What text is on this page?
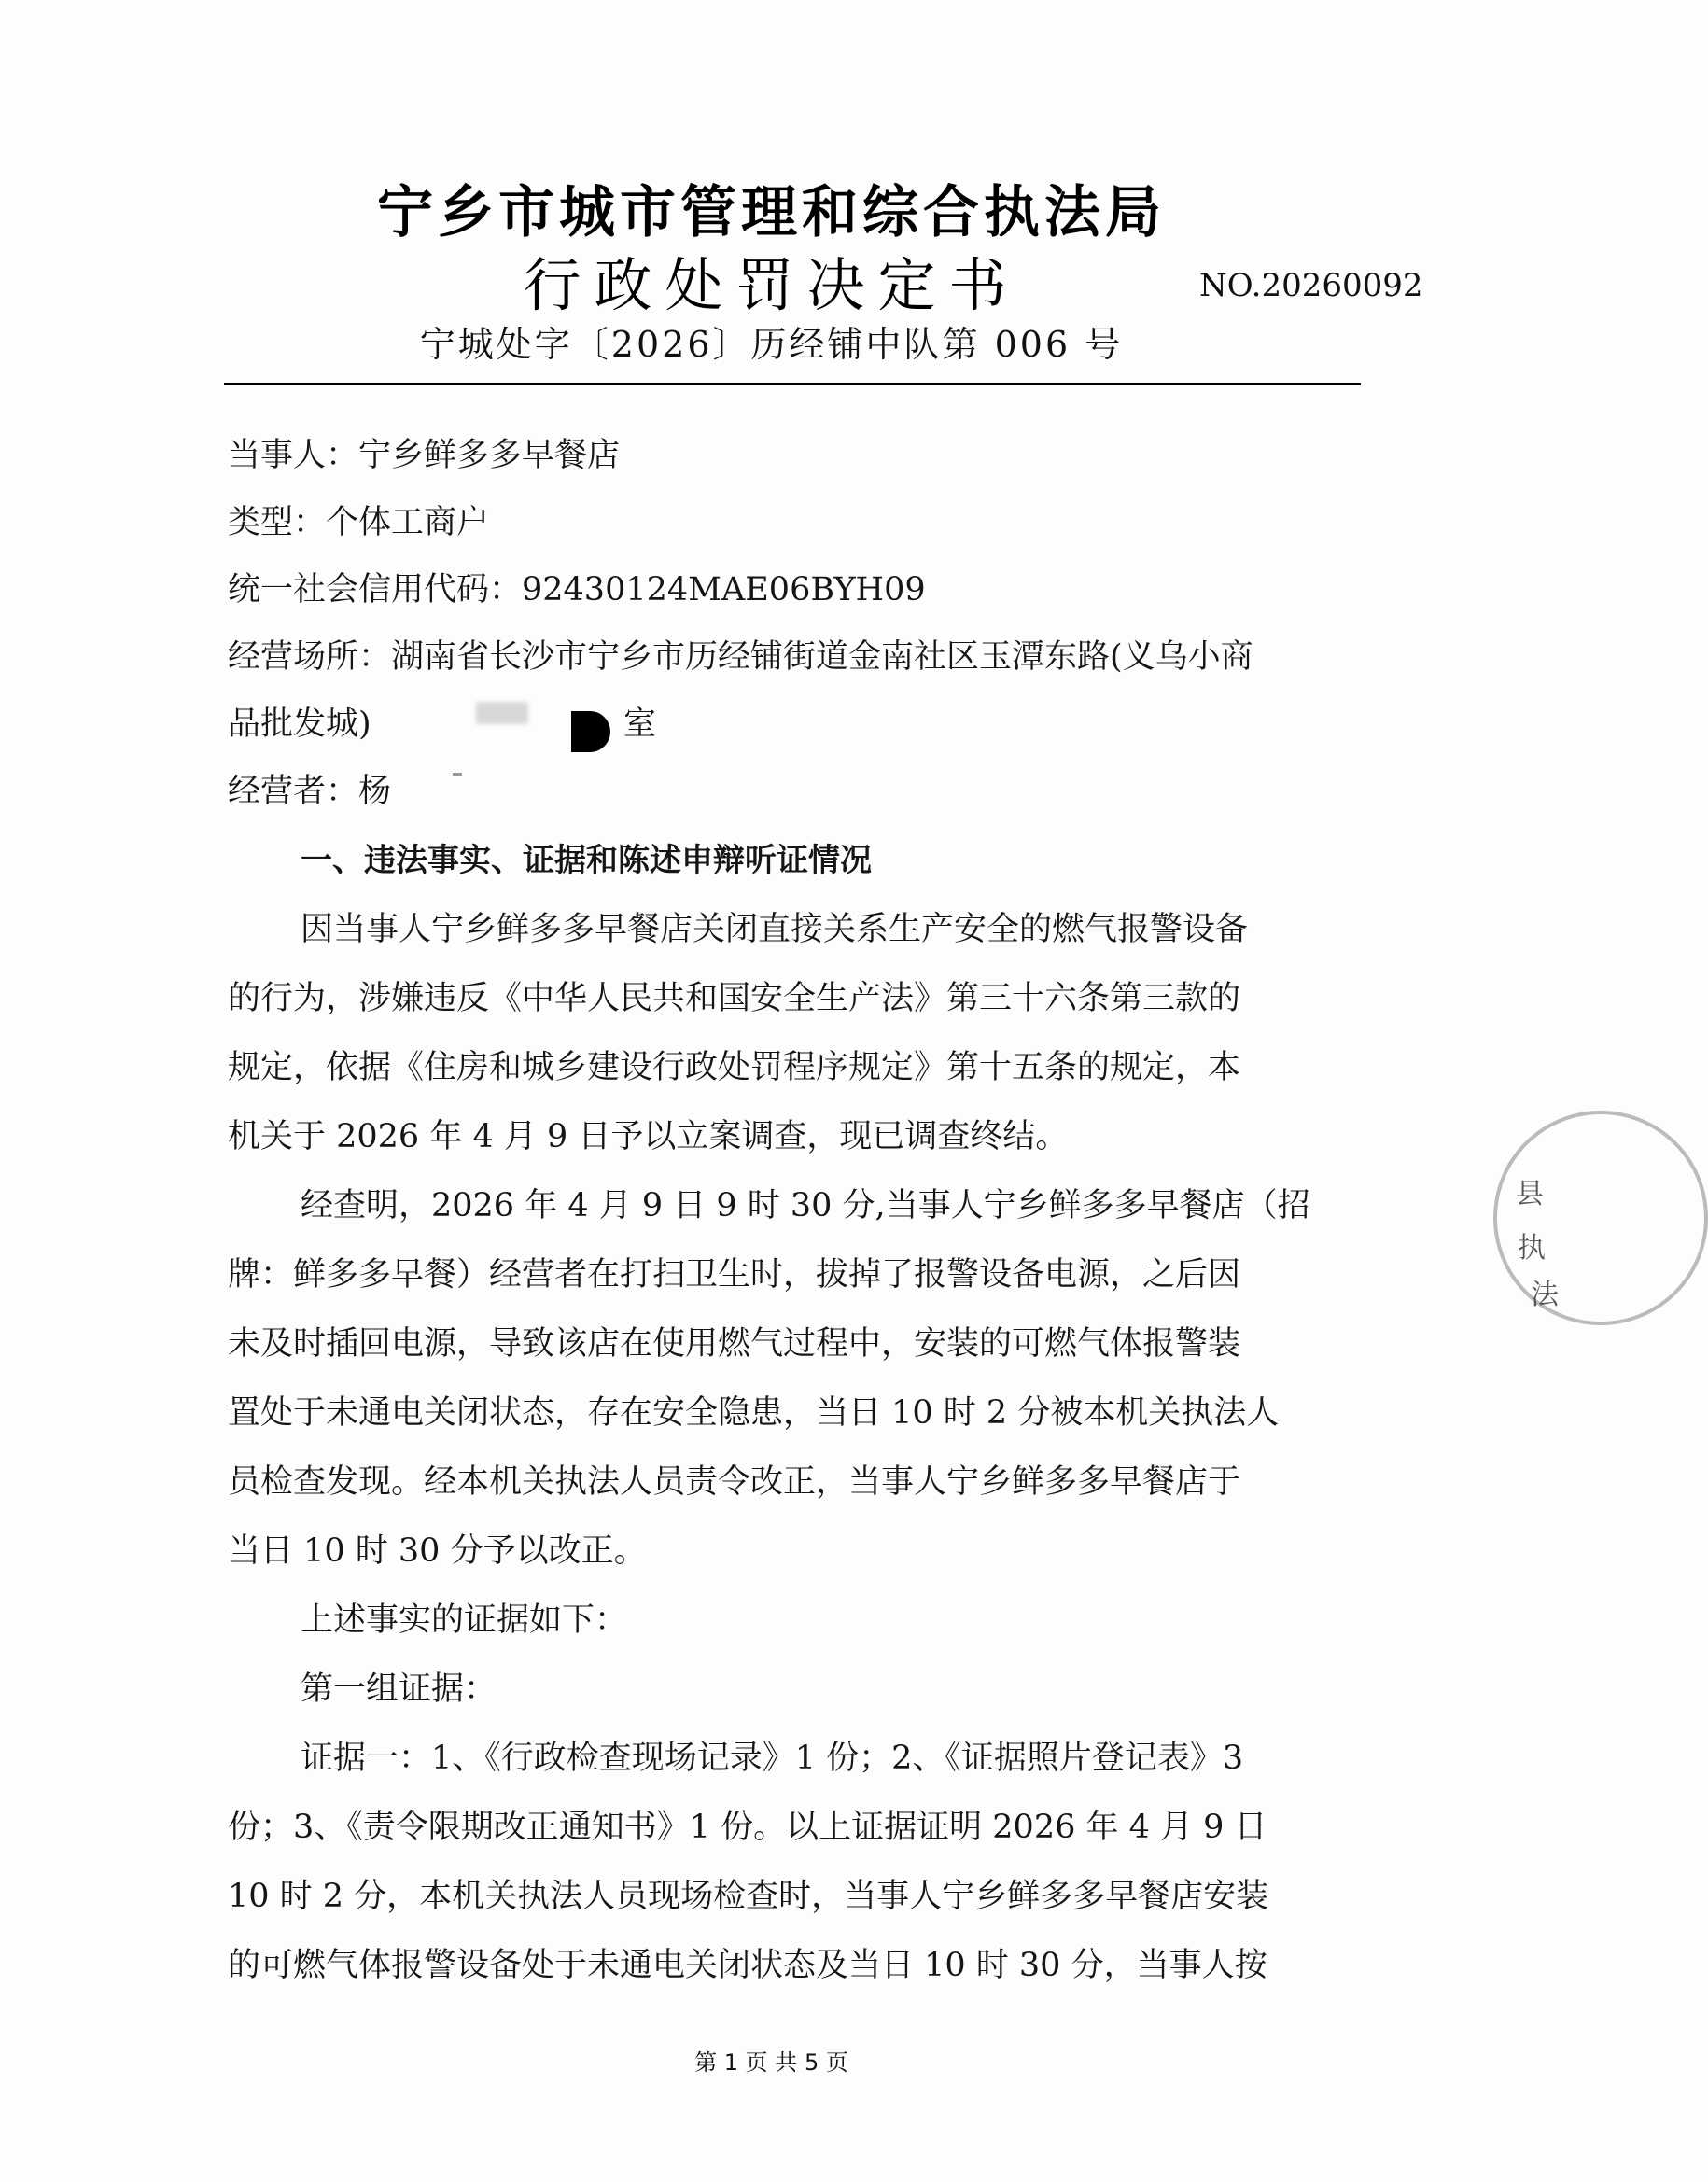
宁乡市城市管理和综合执法局
行政处罚决定书	NO.20260092
宁城处字〔2026〕历经铺中队第 006 号
当事人：宁乡鲜多多早餐店
类型：个体工商户
统一社会信用代码：92430124MAE06BYH09
经营场所：湖南省长沙市宁乡市历经铺街道金南社区玉潭东路(义乌小商
品批发城)	室
经营者：杨
一、违法事实、证据和陈述申辩听证情况
因当事人宁乡鲜多多早餐店关闭直接关系生产安全的燃气报警设备
的行为，涉嫌违反《中华人民共和国安全生产法》第三十六条第三款的
规定，依据《住房和城乡建设行政处罚程序规定》第十五条的规定，本
机关于 2026 年 4 月 9 日予以立案调查，现已调查终结。
经查明，2026 年 4 月 9 日 9 时 30 分,当事人宁乡鲜多多早餐店（招
牌：鲜多多早餐）经营者在打扫卫生时，拔掉了报警设备电源，之后因
未及时插回电源，导致该店在使用燃气过程中，安装的可燃气体报警装
置处于未通电关闭状态，存在安全隐患，当日 10 时 2 分被本机关执法人
员检查发现。经本机关执法人员责令改正，当事人宁乡鲜多多早餐店于
当日 10 时 30 分予以改正。
上述事实的证据如下：
第一组证据：
证据一：1、《行政检查现场记录》1 份；2、《证据照片登记表》3
份；3、《责令限期改正通知书》1 份。以上证据证明 2026 年 4 月 9 日
10 时 2 分，本机关执法人员现场检查时，当事人宁乡鲜多多早餐店安装
的可燃气体报警设备处于未通电关闭状态及当日 10 时 30 分，当事人按
县
执
法
第 1 页 共 5 页
